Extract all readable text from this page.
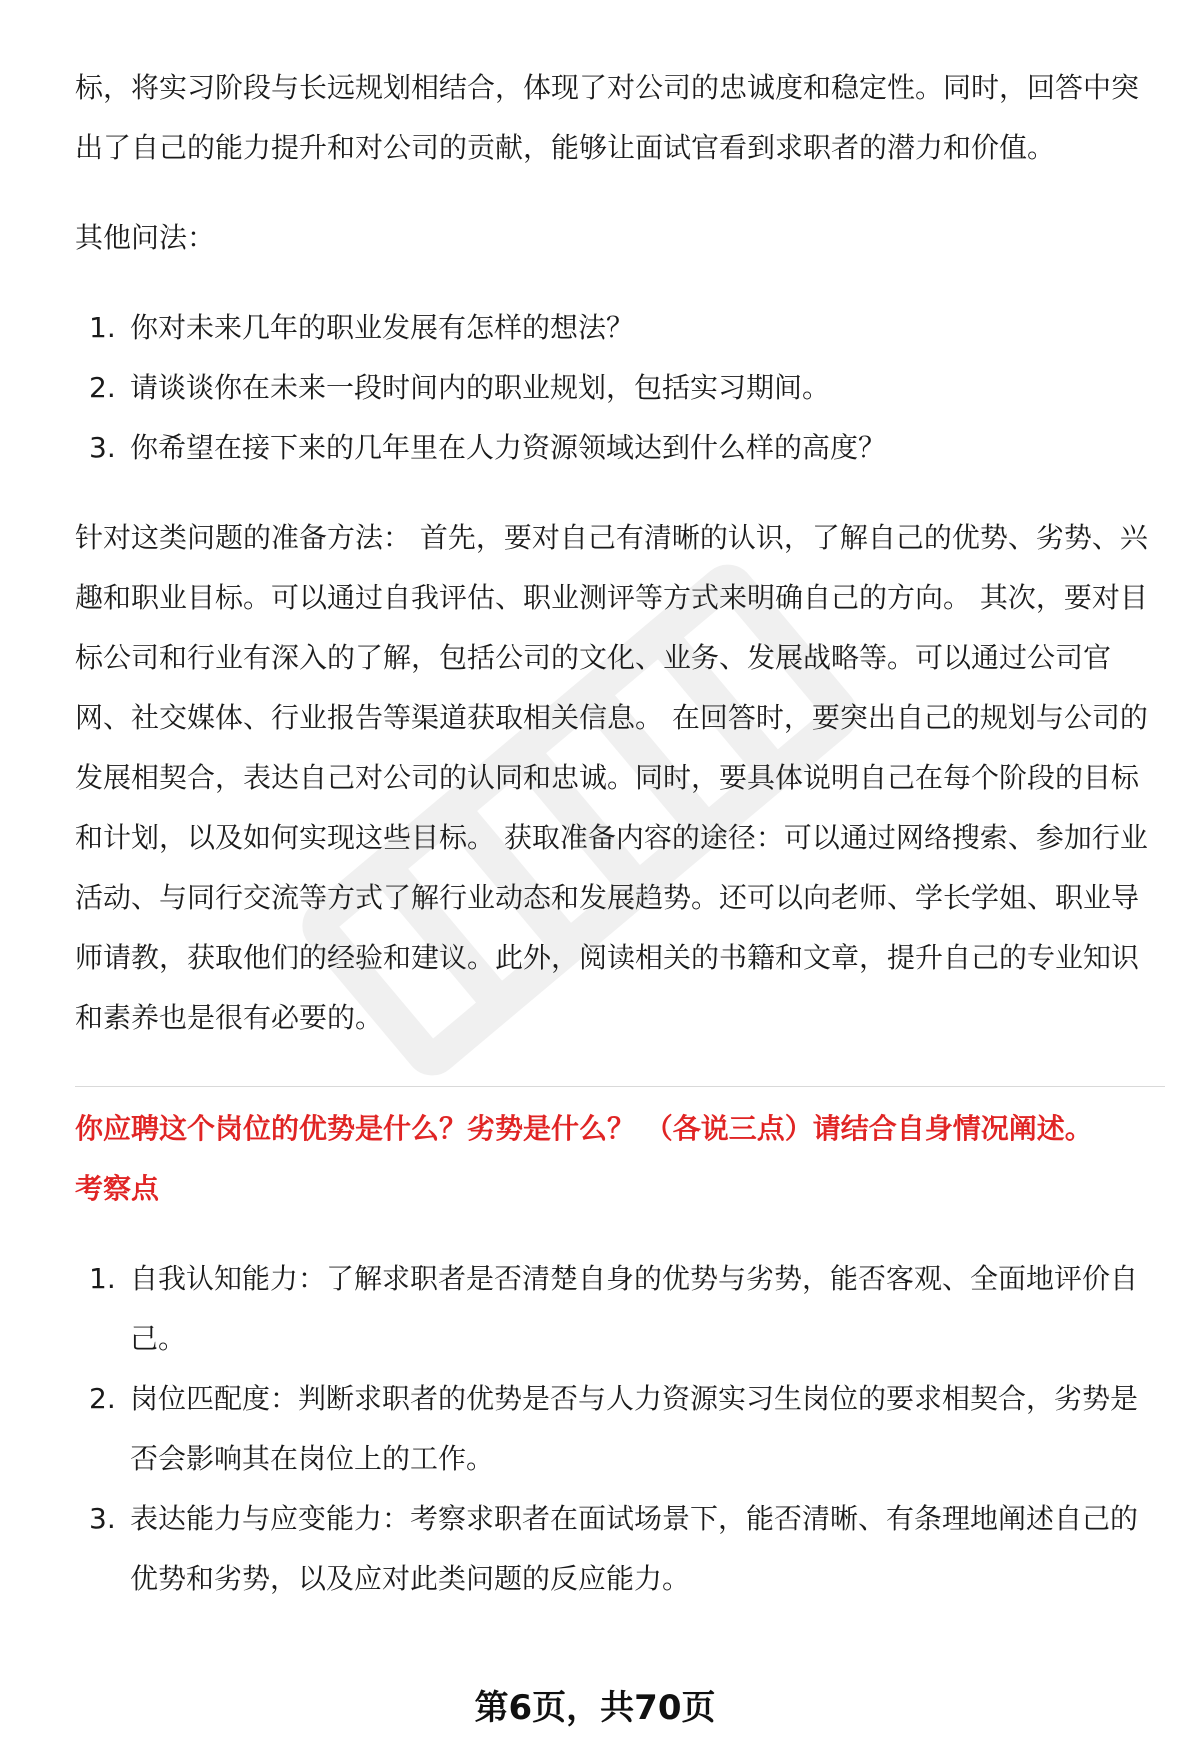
标，将实习阶段与长远规划相结合，体现了对公司的忠诚度和稳定性。同时，回答中突出了自己的能力提升和对公司的贡献，能够让面试官看到求职者的潜力和价值。

其他问法：

1. 你对未来几年的职业发展有怎样的想法？
2. 请谈谈你在未来一段时间内的职业规划，包括实习期间。
3. 你希望在接下来的几年里在人力资源领域达到什么样的高度？

针对这类问题的准备方法： 首先，要对自己有清晰的认识，了解自己的优势、劣势、兴趣和职业目标。可以通过自我评估、职业测评等方式来明确自己的方向。 其次，要对目标公司和行业有深入的了解，包括公司的文化、业务、发展战略等。可以通过公司官网、社交媒体、行业报告等渠道获取相关信息。 在回答时，要突出自己的规划与公司的发展相契合，表达自己对公司的认同和忠诚。同时，要具体说明自己在每个阶段的目标和计划，以及如何实现这些目标。 获取准备内容的途径：可以通过网络搜索、参加行业活动、与同行交流等方式了解行业动态和发展趋势。还可以向老师、学长学姐、职业导师请教，获取他们的经验和建议。此外，阅读相关的书籍和文章，提升自己的专业知识和素养也是很有必要的。

你应聘这个岗位的优势是什么？劣势是什么？ （各说三点）请结合自身情况阐述。
考察点
1. 自我认知能力：了解求职者是否清楚自身的优势与劣势，能否客观、全面地评价自己。
2. 岗位匹配度：判断求职者的优势是否与人力资源实习生岗位的要求相契合，劣势是否会影响其在岗位上的工作。
3. 表达能力与应变能力：考察求职者在面试场景下，能否清晰、有条理地阐述自己的优势和劣势，以及应对此类问题的反应能力。
第6页，共70页
